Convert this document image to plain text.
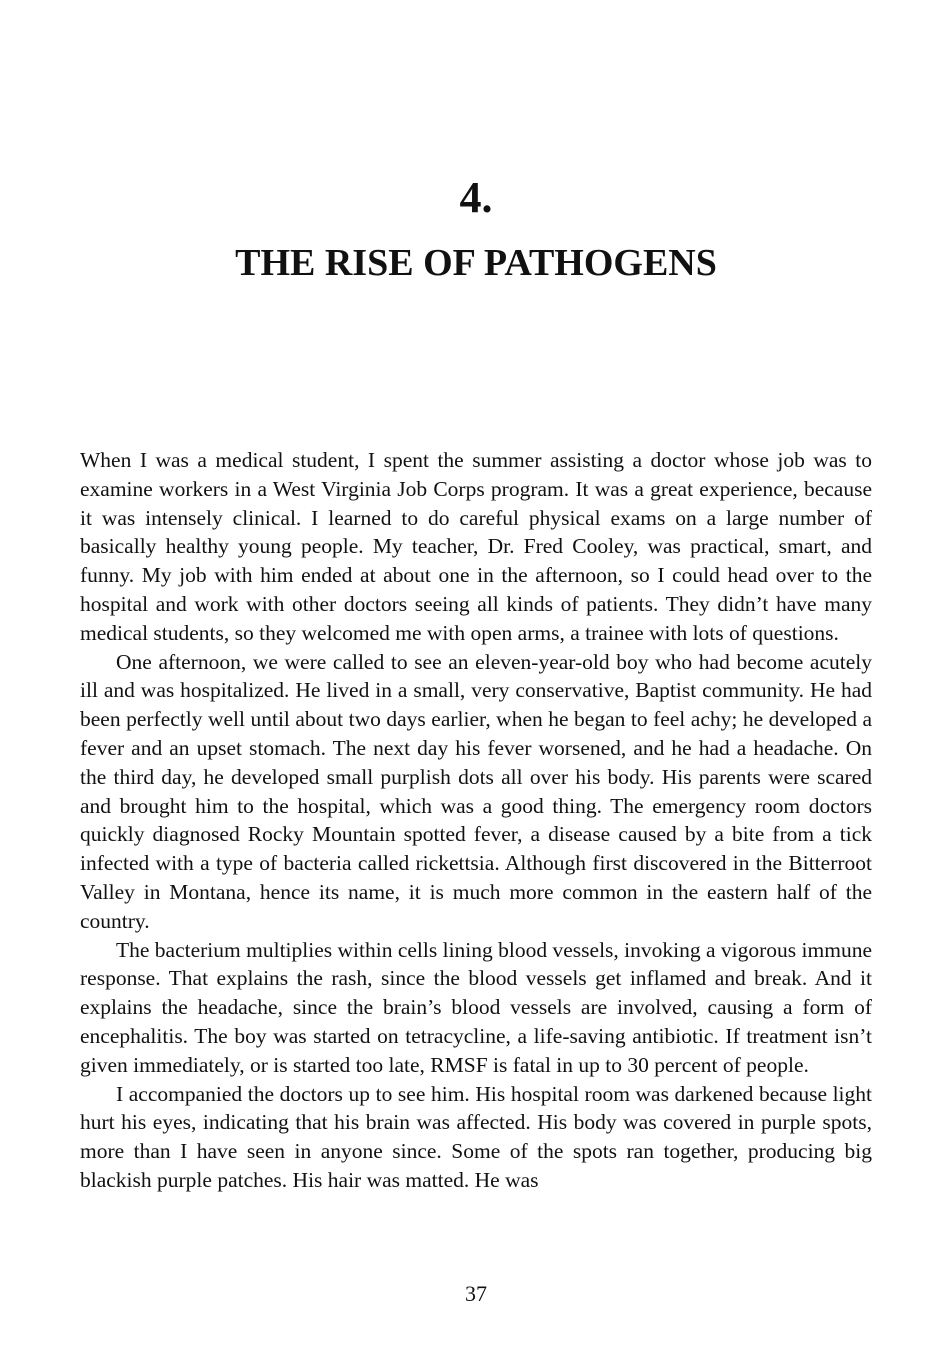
4.
THE RISE OF PATHOGENS

When I was a medical student, I spent the summer assisting a doctor whose job was to examine workers in a West Virginia Job Corps program. It was a great experience, because it was intensely clinical. I learned to do careful physical exams on a large number of basically healthy young people. My teacher, Dr. Fred Cooley, was practical, smart, and funny. My job with him ended at about one in the afternoon, so I could head over to the hospital and work with other doctors seeing all kinds of patients. They didn’t have many medical students, so they welcomed me with open arms, a trainee with lots of questions.

One afternoon, we were called to see an eleven-year-old boy who had become acutely ill and was hospitalized. He lived in a small, very conservative, Baptist community. He had been perfectly well until about two days earlier, when he began to feel achy; he developed a fever and an upset stomach. The next day his fever worsened, and he had a headache. On the third day, he developed small purplish dots all over his body. His parents were scared and brought him to the hospital, which was a good thing. The emergency room doctors quickly diagnosed Rocky Mountain spotted fever, a disease caused by a bite from a tick infected with a type of bacteria called rickettsia. Although first discovered in the Bitterroot Valley in Montana, hence its name, it is much more common in the eastern half of the country.

The bacterium multiplies within cells lining blood vessels, invoking a vigorous immune response. That explains the rash, since the blood vessels get inflamed and break. And it explains the headache, since the brain’s blood vessels are involved, causing a form of encephalitis. The boy was started on tetracycline, a life-saving antibiotic. If treatment isn’t given immediately, or is started too late, RMSF is fatal in up to 30 percent of people.

I accompanied the doctors up to see him. His hospital room was darkened because light hurt his eyes, indicating that his brain was affected. His body was covered in purple spots, more than I have seen in anyone since. Some of the spots ran together, producing big blackish purple patches. His hair was matted. He was

37
